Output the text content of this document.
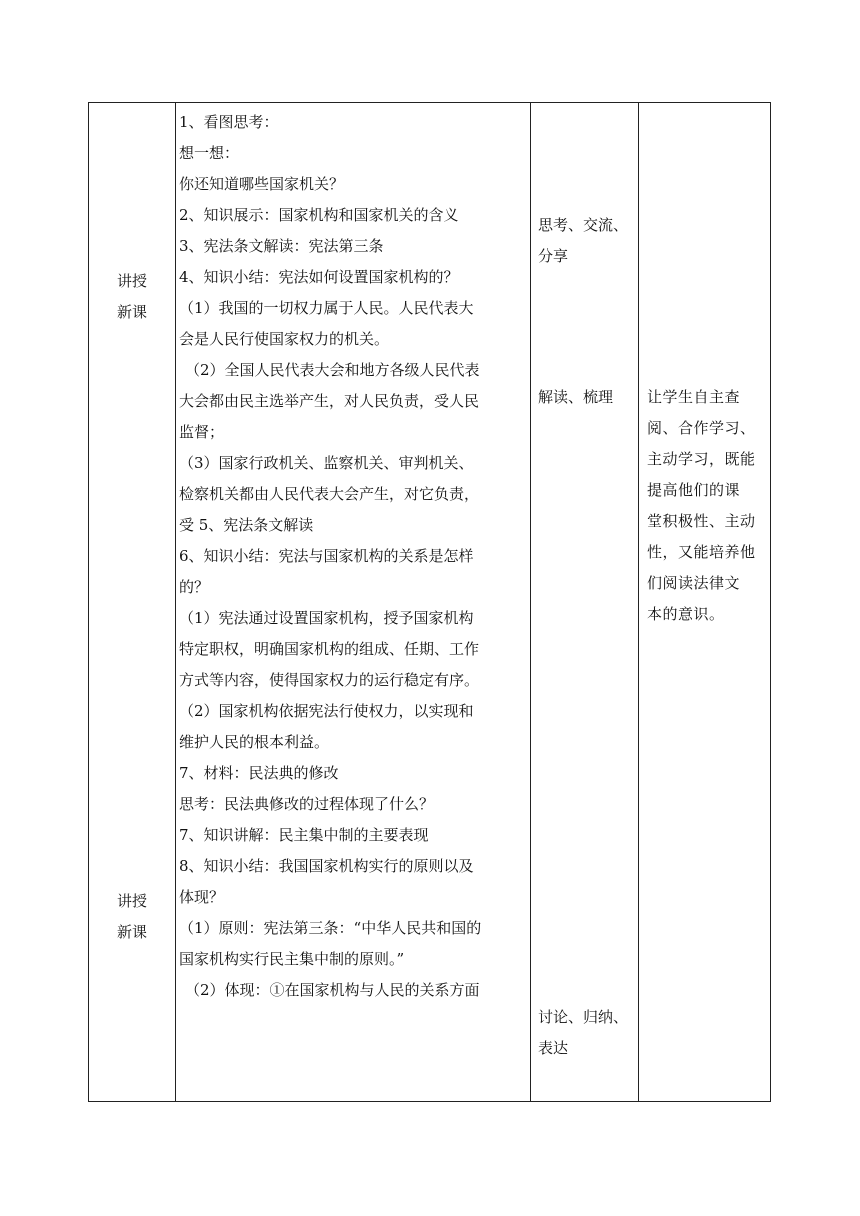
讲授
新课
讲授
新课
1、看图思考：
想一想：
你还知道哪些国家机关？
2、知识展示：国家机构和国家机关的含义
3、宪法条文解读：宪法第三条
4、知识小结：宪法如何设置国家机构的？
（1）我国的一切权力属于人民。人民代表大
会是人民行使国家权力的机关。
（2）全国人民代表大会和地方各级人民代表
大会都由民主选举产生，对人民负责，受人民
监督；
（3）国家行政机关、监察机关、审判机关、
检察机关都由人民代表大会产生，对它负责，
受 5、宪法条文解读
6、知识小结：宪法与国家机构的关系是怎样
的？
（1）宪法通过设置国家机构，授予国家机构
特定职权，明确国家机构的组成、任期、工作
方式等内容，使得国家权力的运行稳定有序。
（2）国家机构依据宪法行使权力，以实现和
维护人民的根本利益。
7、材料：民法典的修改
思考：民法典修改的过程体现了什么？
7、知识讲解：民主集中制的主要表现
8、知识小结：我国国家机构实行的原则以及
体现？
（1）原则：宪法第三条：“中华人民共和国的
国家机构实行民主集中制的原则。”
（2）体现：①在国家机构与人民的关系方面
思考、交流、
分享
解读、梳理
讨论、归纳、
表达
让学生自主查
阅、合作学习、
主动学习，既能
提高他们的课
堂积极性、主动
性，又能培养他
们阅读法律文
本的意识。
